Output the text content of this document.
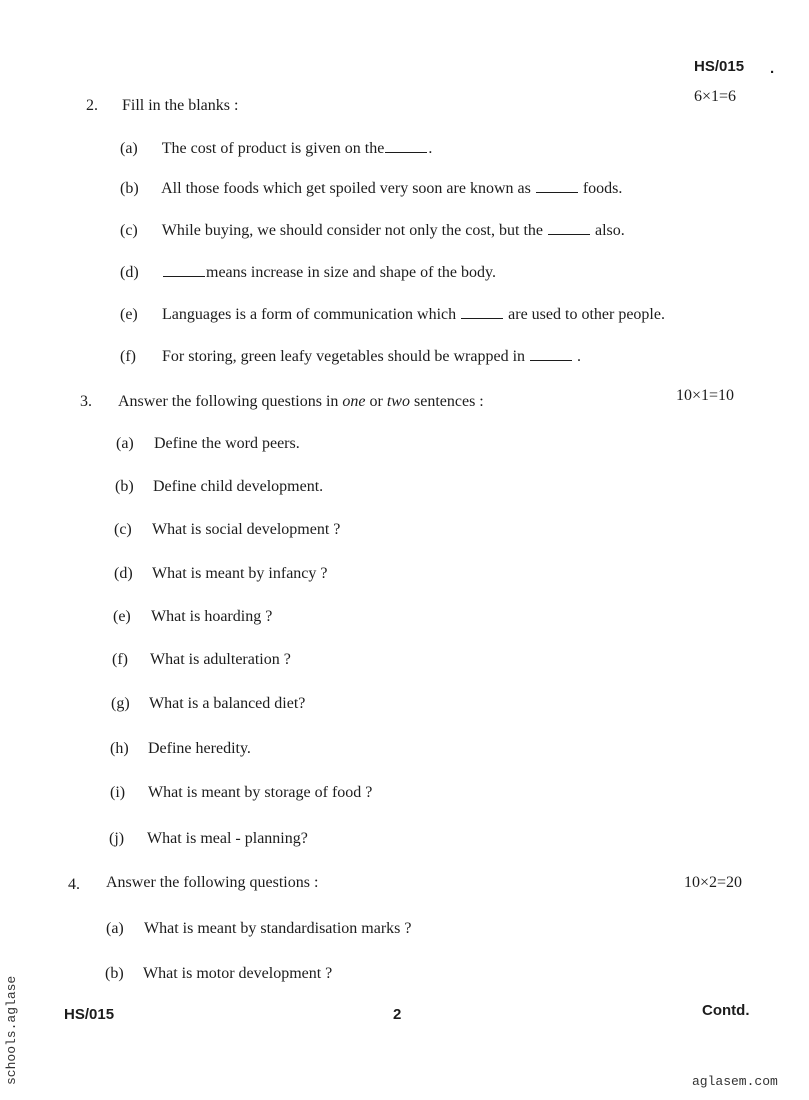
HS/015 .
2. Fill in the blanks :
6×1=6
(a) The cost of product is given on the	.
(b) All those foods which get spoiled very soon are known as	foods.
(c) While buying, we should consider not only the cost, but the	also.
(d)	means increase in size and shape of the body.
(e) Languages is a form of communication which	are used to other people.
(f) For storing, green leafy vegetables should be wrapped in	.
3. Answer the following questions in one or two sentences :	10×1=10
(a) Define the word peers.
(b) Define child development.
(c) What is social development ?
(d) What is meant by infancy ?
(e) What is hoarding ?
(f) What is adulteration ?
(g) What is a balanced diet?
(h) Define heredity.
(i) What is meant by storage of food ?
(j) What is meal - planning?
4. Answer the following questions :	10×2=20
(a) What is meant by standardisation marks ?
(b) What is motor development ?
HS/015	2	Contd.
schools.aglase	aglasem.com
